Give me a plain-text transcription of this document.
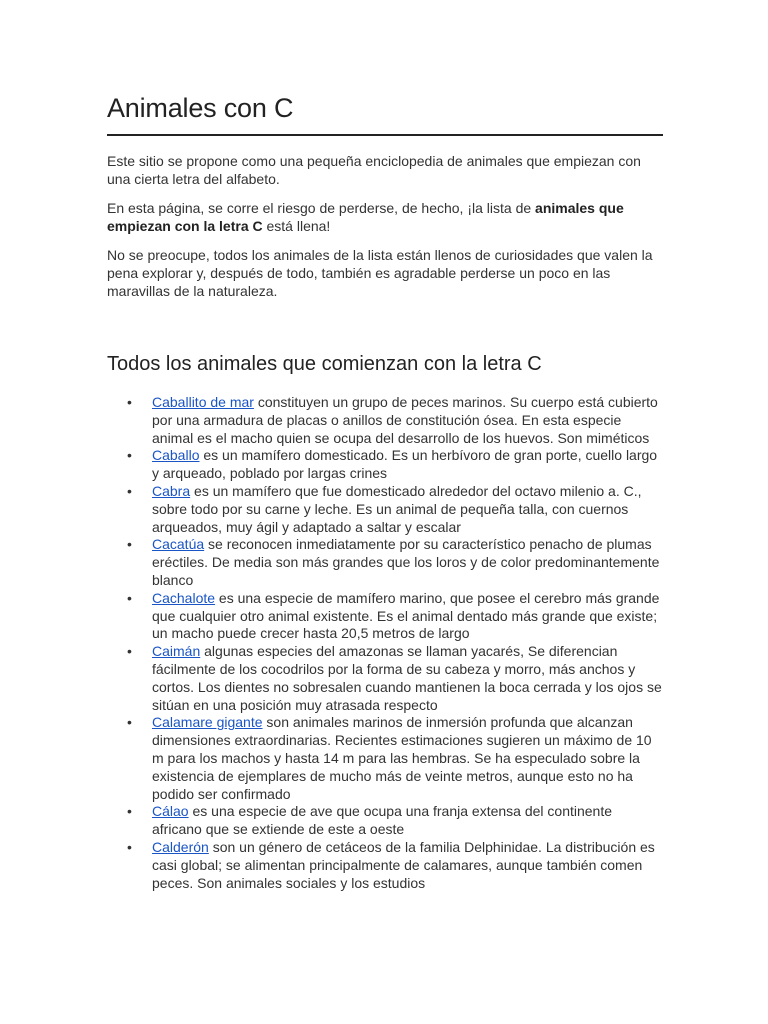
Animales con C

Este sitio se propone como una pequeña enciclopedia de animales que empiezan con una cierta letra del alfabeto.

En esta página, se corre el riesgo de perderse, de hecho, ¡la lista de animales que empiezan con la letra C está llena!

No se preocupe, todos los animales de la lista están llenos de curiosidades que valen la pena explorar y, después de todo, también es agradable perderse un poco en las maravillas de la naturaleza.

Todos los animales que comienzan con la letra C
• Caballito de mar constituyen un grupo de peces marinos. Su cuerpo está cubierto por una armadura de placas o anillos de constitución ósea. En esta especie animal es el macho quien se ocupa del desarrollo de los huevos. Son miméticos
• Caballo es un mamífero domesticado. Es un herbívoro de gran porte, cuello largo y arqueado, poblado por largas crines
• Cabra es un mamífero que fue domesticado alrededor del octavo milenio a. C., sobre todo por su carne y leche. Es un animal de pequeña talla, con cuernos arqueados, muy ágil y adaptado a saltar y escalar
• Cacatúa se reconocen inmediatamente por su característico penacho de plumas eréctiles. De media son más grandes que los loros y de color predominantemente blanco
• Cachalote es una especie de mamífero marino, que posee el cerebro más grande que cualquier otro animal existente. Es el animal dentado más grande que existe; un macho puede crecer hasta 20,5 metros de largo
• Caimán algunas especies del amazonas se llaman yacarés, Se diferencian fácilmente de los cocodrilos por la forma de su cabeza y morro, más anchos y cortos. Los dientes no sobresalen cuando mantienen la boca cerrada y los ojos se sitúan en una posición muy atrasada respecto
• Calamare gigante son animales marinos de inmersión profunda que alcanzan dimensiones extraordinarias. Recientes estimaciones sugieren un máximo de 10 m para los machos y hasta 14 m para las hembras. Se ha especulado sobre la existencia de ejemplares de mucho más de veinte metros, aunque esto no ha podido ser confirmado
• Cálao es una especie de ave que ocupa una franja extensa del continente africano que se extiende de este a oeste
• Calderón son un género de cetáceos de la familia Delphinidae. La distribución es casi global; se alimentan principalmente de calamares, aunque también comen peces. Son animales sociales y los estudios
